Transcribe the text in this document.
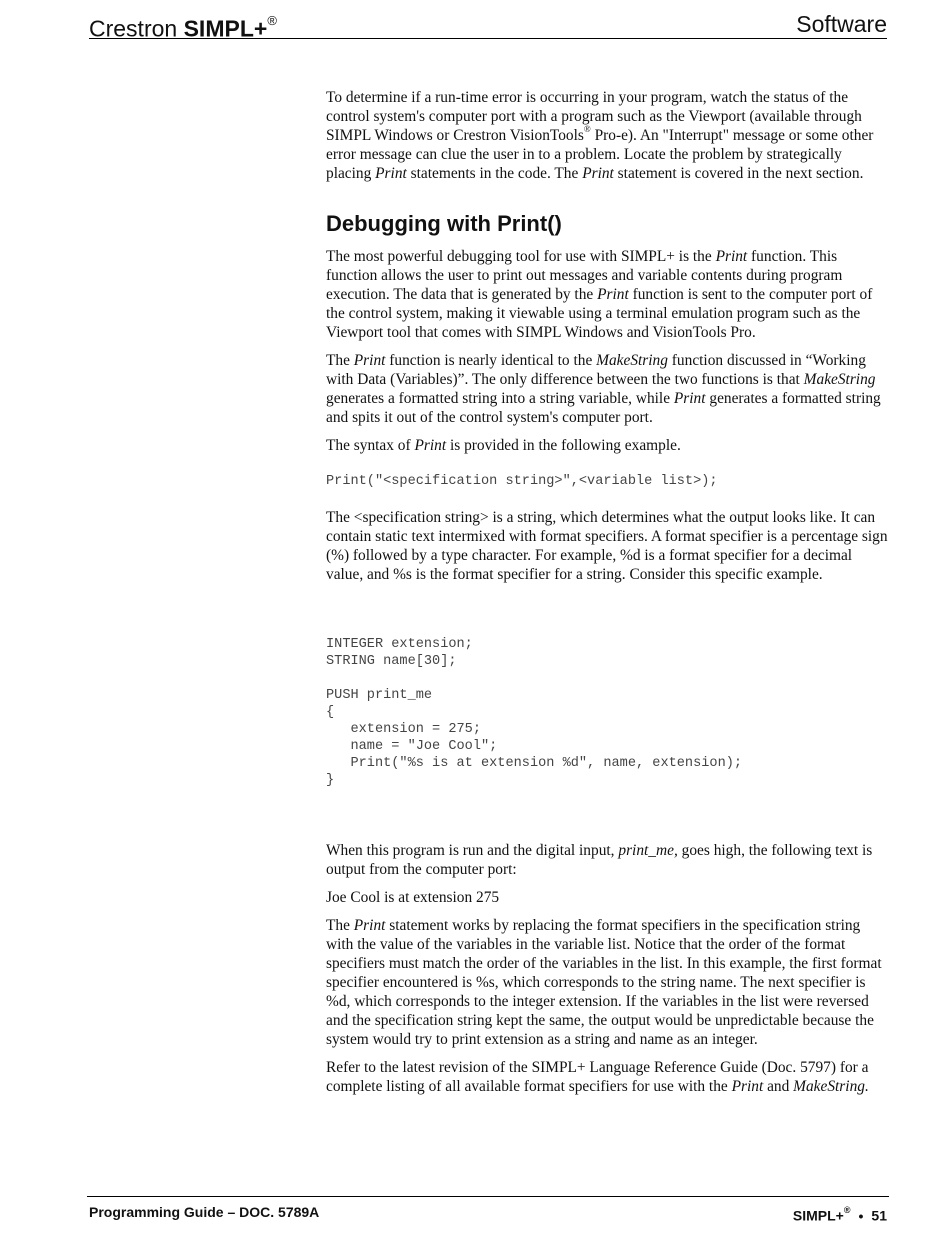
Crestron SIMPL+®	Software

To determine if a run-time error is occurring in your program, watch the status of the control system's computer port with a program such as the Viewport (available through SIMPL Windows or Crestron VisionTools® Pro-e). An "Interrupt" message or some other error message can clue the user in to a problem. Locate the problem by strategically placing Print statements in the code. The Print statement is covered in the next section.

Debugging with Print()

The most powerful debugging tool for use with SIMPL+ is the Print function. This function allows the user to print out messages and variable contents during program execution. The data that is generated by the Print function is sent to the computer port of the control system, making it viewable using a terminal emulation program such as the Viewport tool that comes with SIMPL Windows and VisionTools Pro.

The Print function is nearly identical to the MakeString function discussed in “Working with Data (Variables)”. The only difference between the two functions is that MakeString generates a formatted string into a string variable, while Print generates a formatted string and spits it out of the control system's computer port.

The syntax of Print is provided in the following example.

Print("<specification string>",<variable list>);

The <specification string> is a string, which determines what the output looks like. It can contain static text intermixed with format specifiers. A format specifier is a percentage sign (%) followed by a type character. For example, %d is a format specifier for a decimal value, and %s is the format specifier for a string. Consider this specific example.

INTEGER extension;
STRING name[30];
PUSH print_me
{
extension = 275;
name = "Joe Cool";
Print("%s is at extension %d", name, extension);
}

When this program is run and the digital input, print_me, goes high, the following text is output from the computer port:

Joe Cool is at extension 275

The Print statement works by replacing the format specifiers in the specification string with the value of the variables in the variable list. Notice that the order of the format specifiers must match the order of the variables in the list. In this example, the first format specifier encountered is %s, which corresponds to the string name. The next specifier is %d, which corresponds to the integer extension. If the variables in the list were reversed and the specification string kept the same, the output would be unpredictable because the system would try to print extension as a string and name as an integer.

Refer to the latest revision of the SIMPL+ Language Reference Guide (Doc. 5797) for a complete listing of all available format specifiers for use with the Print and MakeString.

Programming Guide – DOC. 5789A	SIMPL+® • 51
